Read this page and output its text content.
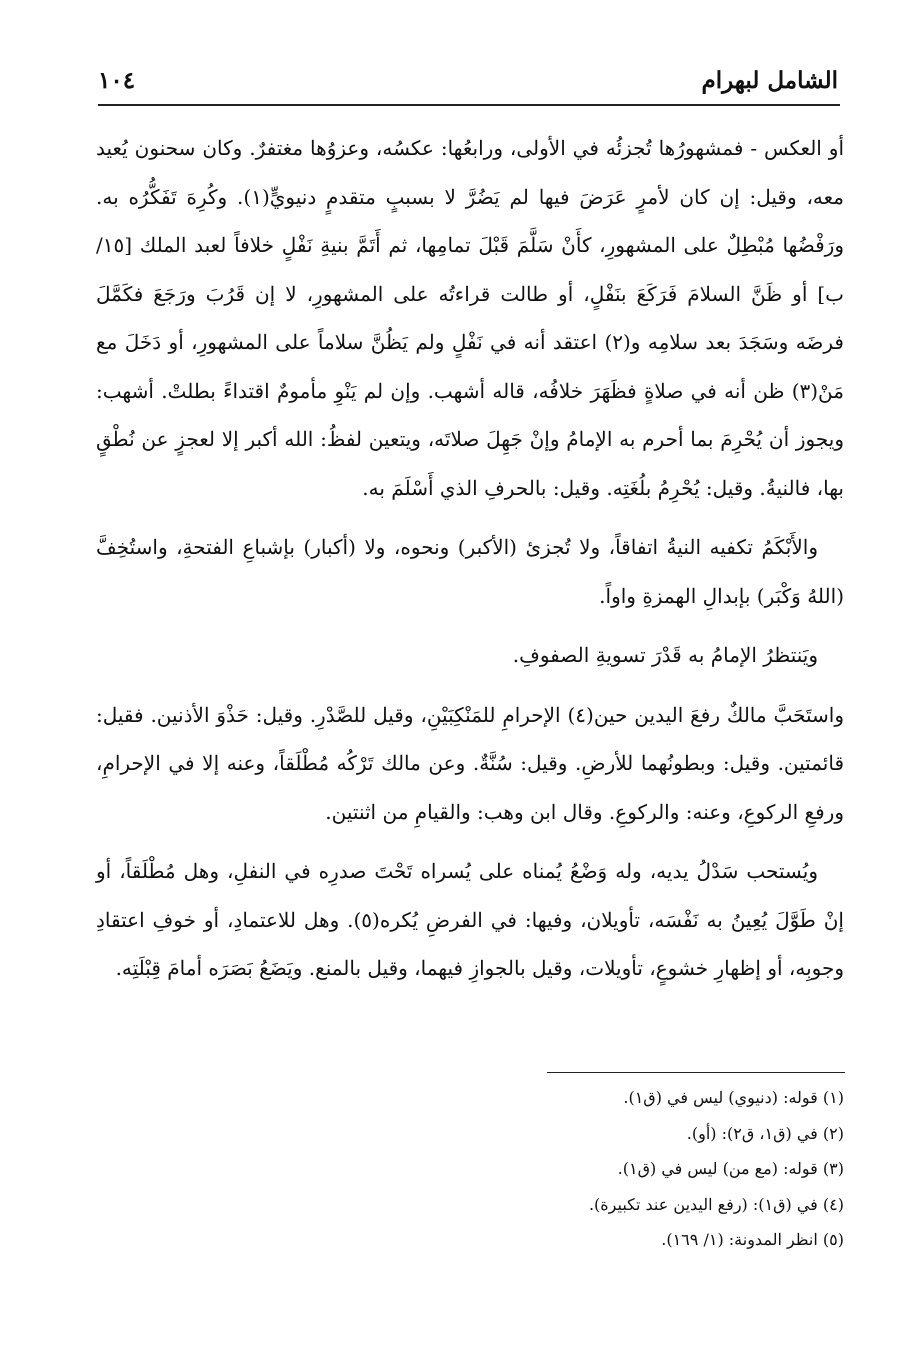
الشامل لبهرام
١٠٤

أو العكس - فمشهورُها تُجزئُه في الأولى، ورابعُها: عكسُه، وعزوُها مغتفرٌ. وكان سحنون يُعيد معه، وقيل: إن كان لأمرٍ عَرَضَ فيها لم يَضُرَّ لا بسببٍ متقدمٍ دنيويٍّ(١). وكُرِهَ تَفَكُّرُه به. ورَفْضُها مُبْطِلٌ على المشهورِ، كأَنْ سَلَّمَ قَبْلَ تمامِها، ثم أَتَمَّ بنيةِ نَفْلٍ خلافاً لعبد الملك [١٥/ ب] أو ظَنَّ السلامَ فَرَكَعَ بنَفْلٍ، أو طالت قراءتُه على المشهورِ، لا إن قَرُبَ ورَجَعَ فكَمَّلَ فرضَه وسَجَدَ بعد سلامِه و(٢) اعتقد أنه في نَفْلٍ ولم يَظُنَّ سلاماً على المشهورِ، أو دَخَلَ مع مَنْ(٣) ظن أنه في صلاةٍ فظَهَرَ خلافُه، قاله أشهب. وإن لم يَنْوِ مأمومٌ اقتداءً بطلتْ. أشهب: ويجوز أن يُحْرِمَ بما أحرم به الإمامُ وإنْ جَهِلَ صلاتَه، ويتعين لفظُ: الله أكبر إلا لعجزٍ عن نُطْقٍ بها، فالنيةُ. وقيل: يُحْرِمُ بلُغَتِه. وقيل: بالحرفِ الذي أَسْلَمَ به.

والأَبْكَمُ تكفيه النيةُ اتفاقاً، ولا تُجزئ (الأكبر) ونحوه، ولا (أكبار) بإشباعِ الفتحةِ، واستُخِفَّ (اللهُ وَكْبَر) بإبدالِ الهمزةِ واواً.

ويَنتظرُ الإمامُ به قَدْرَ تسويةِ الصفوفِ.

واستَحَبَّ مالكٌ رفعَ اليدين حين(٤) الإحرامِ للمَنْكِبَيْنِ، وقيل للصَّدْرِ. وقيل: حَذْوَ الأذنين. فقيل: قائمتين. وقيل: وبطونُهما للأرضِ. وقيل: سُنَّةٌ. وعن مالك تَرْكُه مُطْلَقاً، وعنه إلا في الإحرامِ، ورفعِ الركوعِ، وعنه: والركوعِ. وقال ابن وهب: والقيامِ من اثنتين.

ويُستحب سَدْلُ يديه، وله وَضْعُ يُمناه على يُسراه تَحْتَ صدرِه في النفلِ، وهل مُطْلَقاً، أو إنْ طَوَّلَ يُعِينُ به نَفْسَه، تأويلان، وفيها: في الفرضِ يُكره(٥). وهل للاعتمادِ، أو خوفِ اعتقادِ وجوبِه، أو إظهارِ خشوعٍ، تأويلات، وقيل بالجوازِ فيهما، وقيل بالمنع. ويَضَعُ بَصَرَه أمامَ قِبْلَتِه.

(١) قوله: (دنيوي) ليس في (ق١).
(٢) في (ق١، ق٢): (أو).
(٣) قوله: (مع من) ليس في (ق١).
(٤) في (ق١): (رفع اليدين عند تكبيرة).
(٥) انظر المدونة: (١/ ١٦٩).
